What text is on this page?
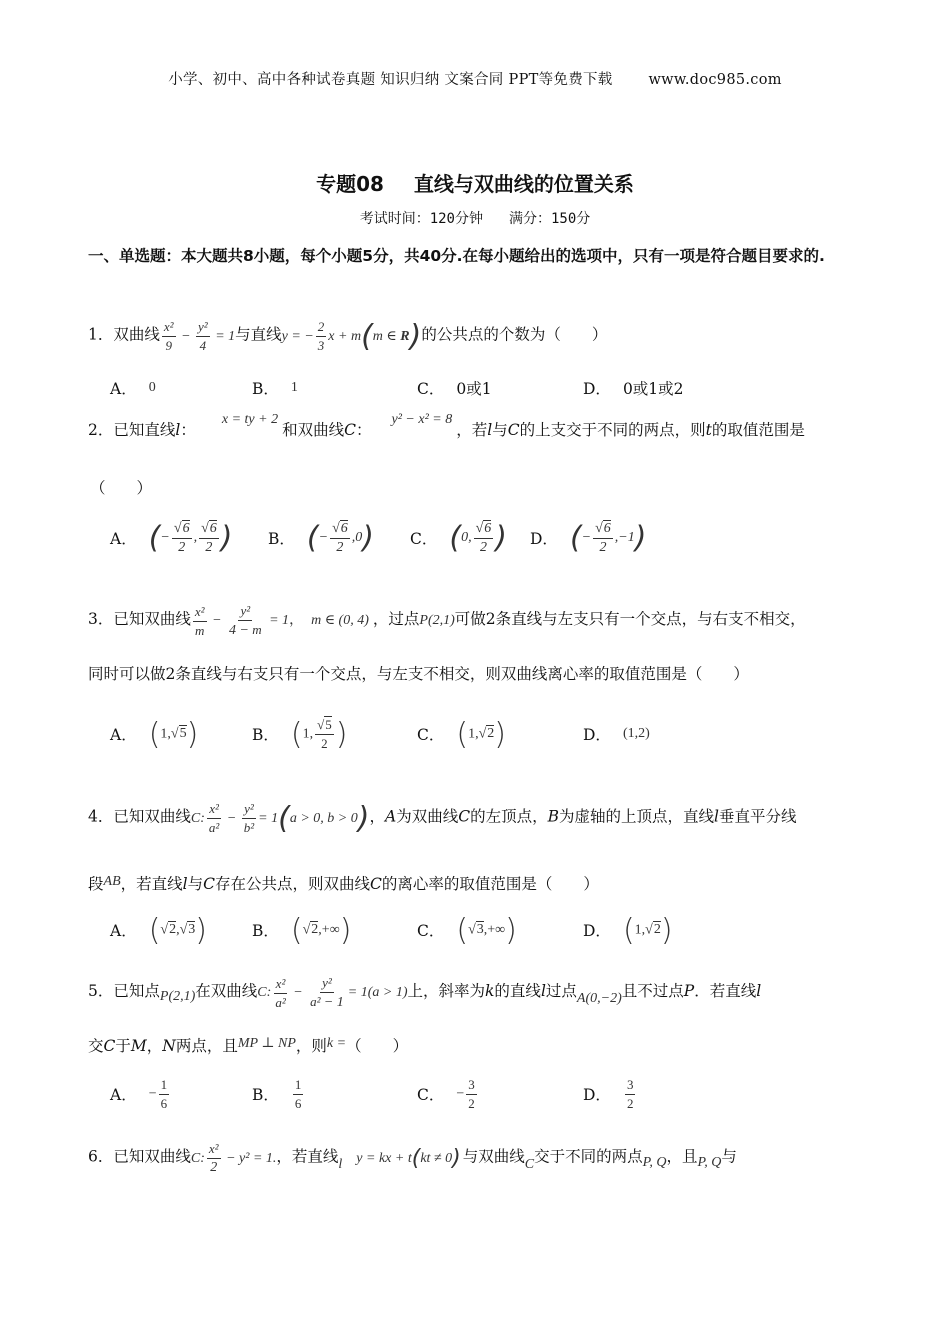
小学、初中、高中各种试卷真题 知识归纳 文案合同 PPT等免费下载 www.doc985.com
专题08 直线与双曲线的位置关系
考试时间：120分钟 满分：150分
一、单选题：本大题共8小题，每个小题5分，共40分.在每小题给出的选项中，只有一项是符合题目要求的.
1．双曲线 $\frac{\text{x²}}{9} - \frac{\text{y²}}{4} = 1$与直线y = − $\frac{2}{3}$ x + m(m ∈ R)的公共点的个数为（　　）
A． 0	B． 1	C． 0或1	D． 0或1或2
2．已知直线l：x = ty + 2和双曲线C：y² − x² = 8，若l与C的上支交于不同的两点，则t的取值范围是
（　　）
A． (− $\frac{√6}{2}$ , $\frac{√6}{2}$ ) B． (− $\frac{√6}{2} ,0$) C． (0, $\frac{√6}{2}$ ) D． (− $\frac{√6}{2} ,-1$)
3．已知双曲线 $\frac{\text{x²}}{m} - \frac{\text{y²}}{4 - m} = 1$， m ∈ (0, 4) ，过点P(2,1)可做2条直线与左支只有一个交点，与右支不相交，
同时可以做2条直线与右支只有一个交点，与左支不相交，则双曲线离心率的取值范围是（　　）
A． (1,√5)	B． (1, $\frac{√5}{2}$ )	C． (1,√2)	D． (1,2)
4．已知双曲线C: $\frac{\text{x²}}{\text{a²}} - \frac{\text{y²}}{\text{b²}} = 1(a > 0$, b > 0)，A为双曲线C的左顶点，B为虚轴的上顶点，直线l垂直平分线
段AB，若直线l与C存在公共点，则双曲线C的离心率的取值范围是（　　）
A． (√2,√3)	B． (√2,+∞)	C． (√3,+∞)	D． (1,√2)
5．已知点P(2,1)在双曲线C: $\frac{\text{x²}}{\text{a²}} - \frac{\text{y²}}{\text{a² − 1}} = 1(a > 1)$上，斜率为k的直线l过点A(0,−2)且不过点P．若直线l
交C于M，N两点，且MP ⊥ NP，则k =（　　）
A． − $\frac{1}{6}$	B． $\frac{1}{6}$	C． − $\frac{3}{2}$	D． $\frac{3}{2}$
6．已知双曲线C: $\frac{\text{x²}}{2} - y^2 = 1$.，若直线l y = kx + t(kt ≠ 0) 与双曲线C交于不同的两点P, Q，且P, Q与
